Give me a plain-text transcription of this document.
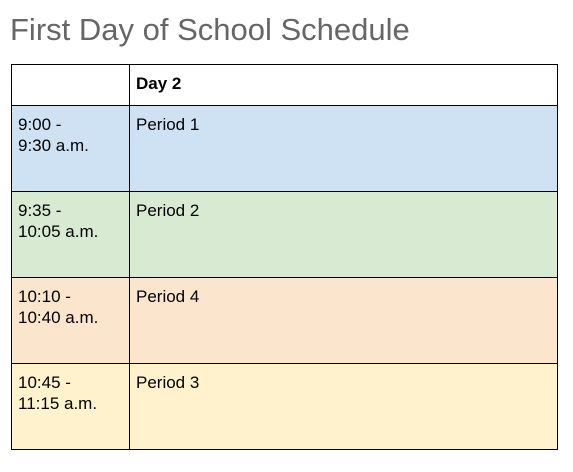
First Day of School Schedule
	Day 2

9:00 -
9:30 a.m.	Period 1

9:35 -
10:05 a.m.	Period 2

10:10 -
10:40 a.m.	Period 4

10:45 -
11:15 a.m.	Period 3
